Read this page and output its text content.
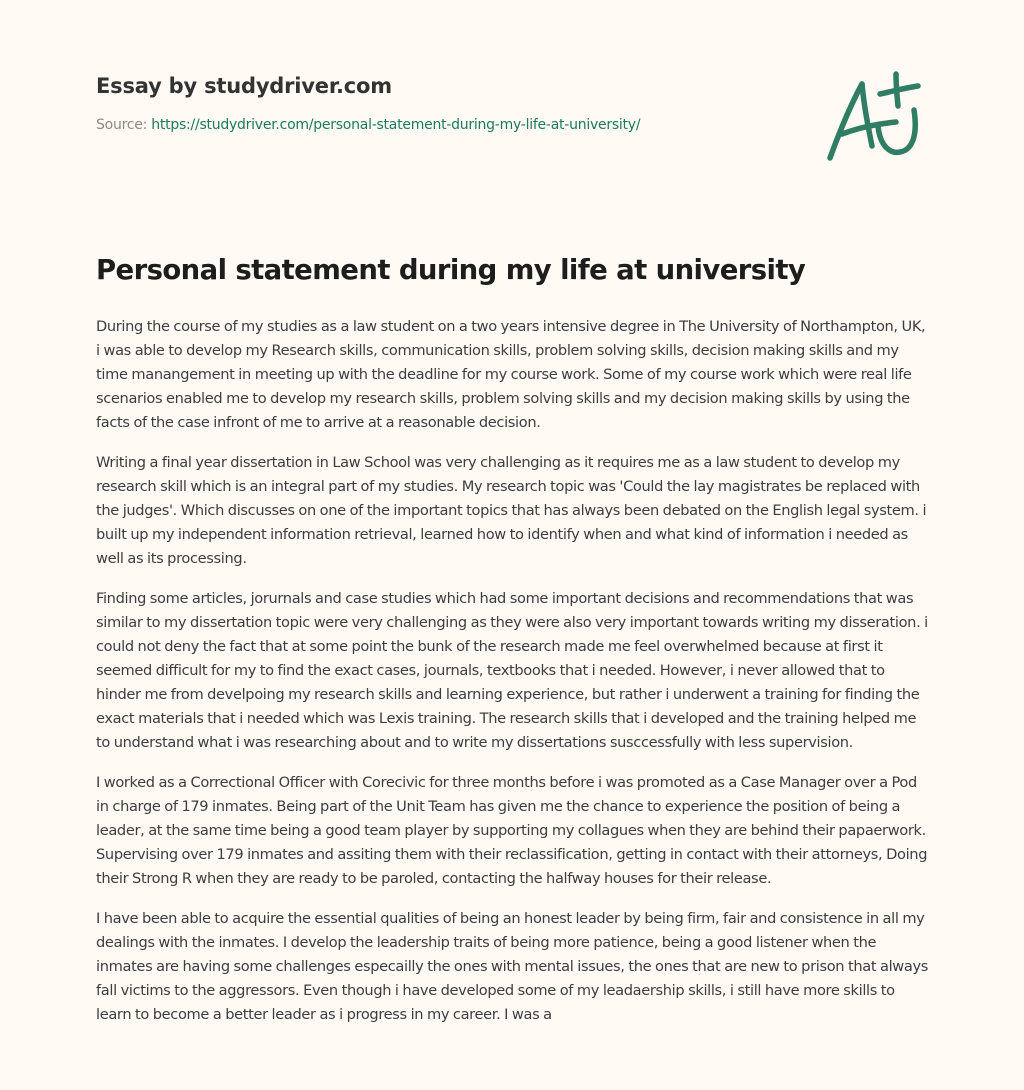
Essay by studydriver.com
Source: https://studydriver.com/personal-statement-during-my-life-at-university/
Personal statement during my life at university

During the course of my studies as a law student on a two years intensive degree in The University of Northampton, UK, i was able to develop my Research skills, communication skills, problem solving skills, decision making skills and my time manangement in meeting up with the deadline for my course work. Some of my course work which were real life scenarios enabled me to develop my research skills, problem solving skills and my decision making skills by using the facts of the case infront of me to arrive at a reasonable decision.

Writing a final year dissertation in Law School was very challenging as it requires me as a law student to develop my research skill which is an integral part of my studies. My research topic was 'Could the lay magistrates be replaced with the judges'. Which discusses on one of the important topics that has always been debated on the English legal system. i built up my independent information retrieval, learned how to identify when and what kind of information i needed as well as its processing.

Finding some articles, jorurnals and case studies which had some important decisions and recommendations that was similar to my dissertation topic were very challenging as they were also very important towards writing my disseration. i could not deny the fact that at some point the bunk of the research made me feel overwhelmed because at first it seemed difficult for my to find the exact cases, journals, textbooks that i needed. However, i never allowed that to hinder me from develpoing my research skills and learning experience, but rather i underwent a training for finding the exact materials that i needed which was Lexis training. The research skills that i developed and the training helped me to understand what i was researching about and to write my dissertations susccessfully with less supervision.

I worked as a Correctional Officer with Corecivic for three months before i was promoted as a Case Manager over a Pod in charge of 179 inmates. Being part of the Unit Team has given me the chance to experience the position of being a leader, at the same time being a good team player by supporting my collagues when they are behind their papaerwork. Supervising over 179 inmates and assiting them with their reclassification, getting in contact with their attorneys, Doing their Strong R when they are ready to be paroled, contacting the halfway houses for their release.

I have been able to acquire the essential qualities of being an honest leader by being firm, fair and consistence in all my dealings with the inmates. I develop the leadership traits of being more patience, being a good listener when the inmates are having some challenges especailly the ones with mental issues, the ones that are new to prison that always fall victims to the aggressors. Even though i have developed some of my leadaership skills, i still have more skills to learn to become a better leader as i progress in my career. I was a
